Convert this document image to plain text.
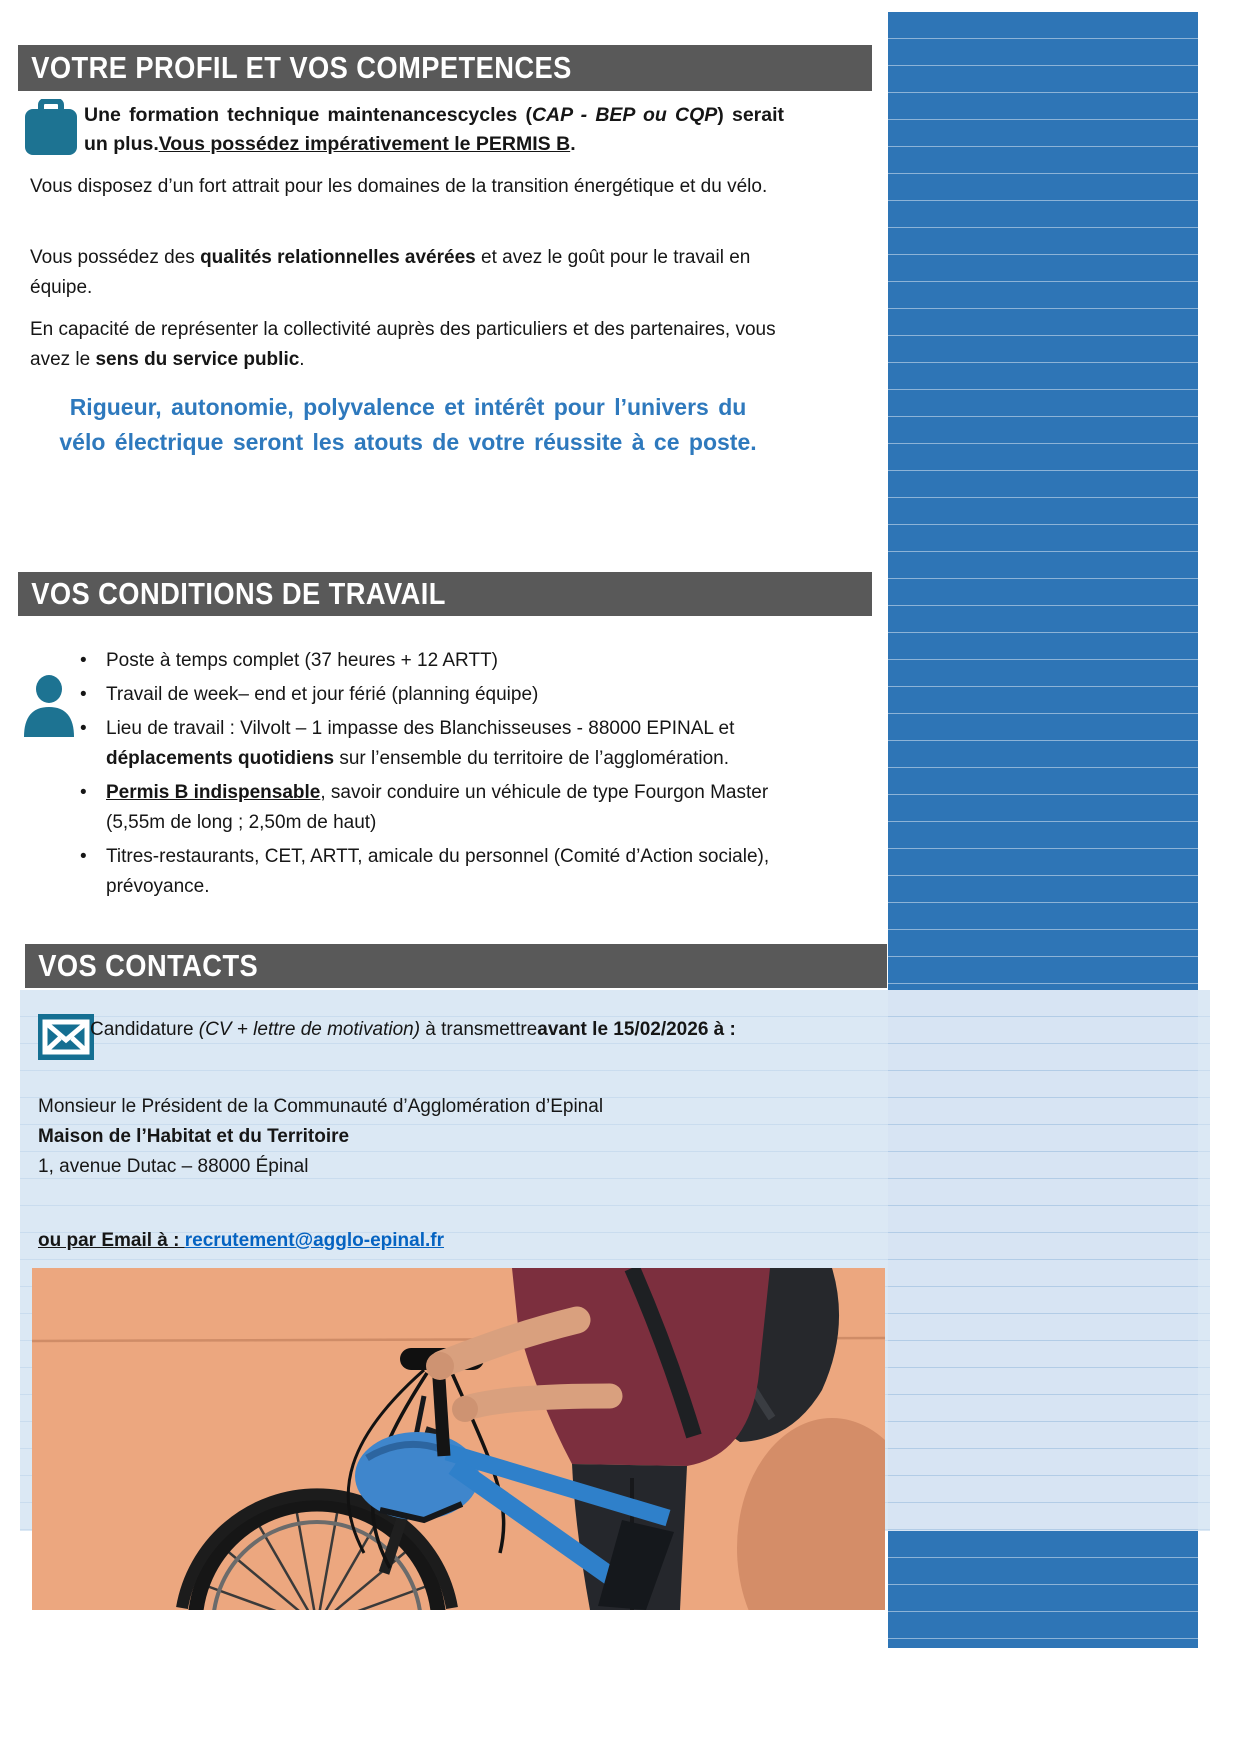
VOTRE PROFIL ET VOS COMPETENCES
Une formation technique maintenancescycles (CAP - BEP ou CQP) serait un plus.Vous possédez impérativement le PERMIS B.
Vous disposez d’un fort attrait pour les domaines de la transition énergétique et du vélo.
Vous possédez des qualités relationnelles avérées et avez le goût pour le travail en équipe.
En capacité de représenter la collectivité auprès des particuliers et des partenaires, vous avez le sens du service public.
Rigueur, autonomie, polyvalence et intérêt pour l’univers du
vélo électrique seront les atouts de votre réussite à ce poste.
VOS CONDITIONS DE TRAVAIL
• Poste à temps complet (37 heures + 12 ARTT)
• Travail de week– end et jour férié (planning équipe)
• Lieu de travail : Vilvolt – 1 impasse des Blanchisseuses - 88000 EPINAL et déplacements quotidiens sur l’ensemble du territoire de l’agglomération.
• Permis B indispensable, savoir conduire un véhicule de type Fourgon Master (5,55m de long ; 2,50m de haut)
• Titres-restaurants, CET, ARTT, amicale du personnel (Comité d’Action sociale), prévoyance.
VOS CONTACTS
Candidature (CV + lettre de motivation) à transmettreavant le 15/02/2026 à :
Monsieur le Président de la Communauté d’Agglomération d’Epinal
Maison de l’Habitat et du Territoire
1, avenue Dutac – 88000 Épinal
ou par Email à : recrutement@agglo-epinal.fr
